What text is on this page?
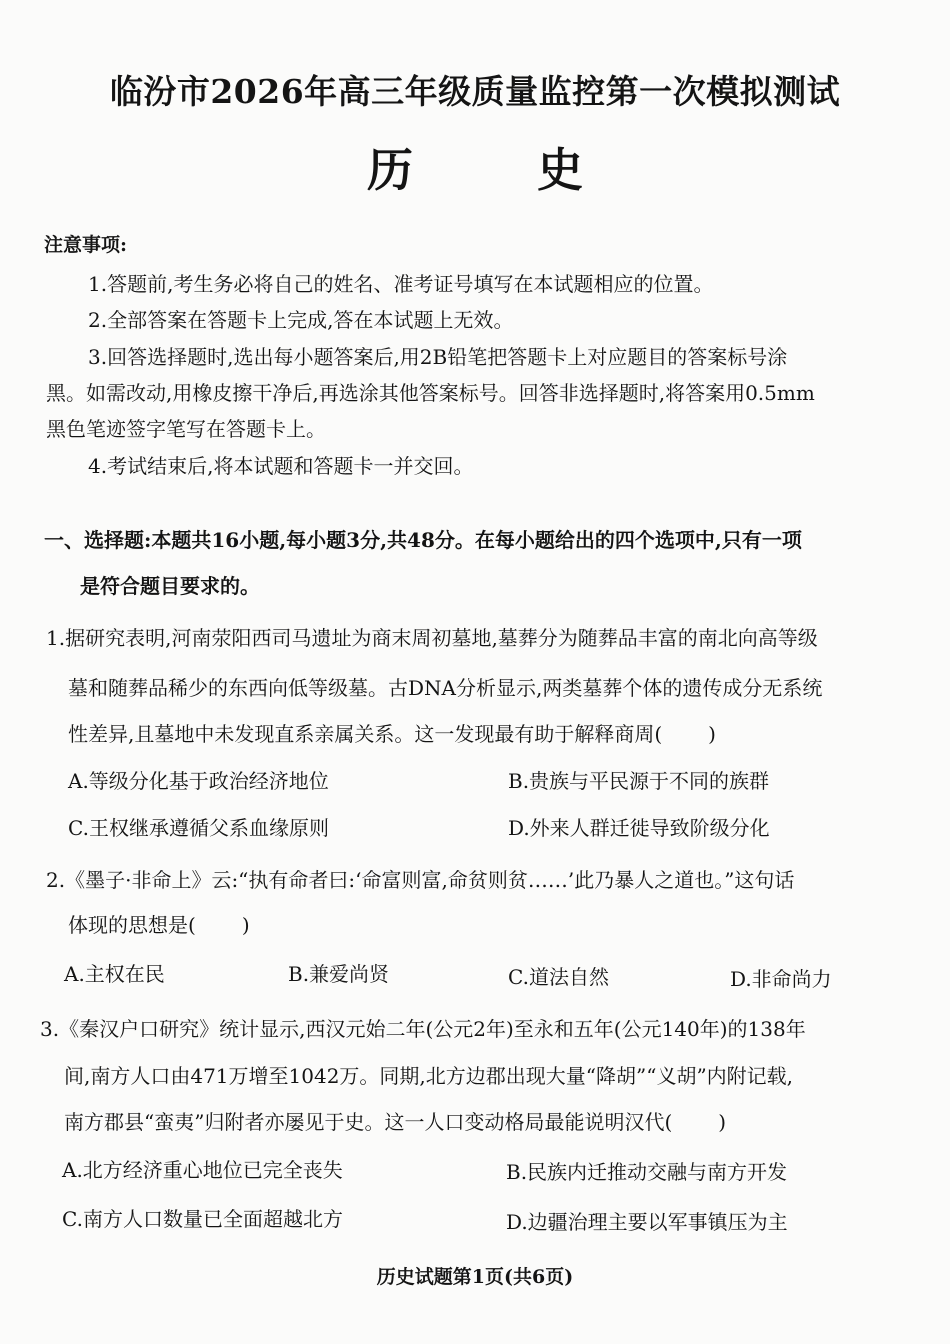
临汾市2026年高三年级质量监控第一次模拟测试
历	史
注意事项:
1.答题前,考生务必将自己的姓名、准考证号填写在本试题相应的位置。
2.全部答案在答题卡上完成,答在本试题上无效。
3.回答选择题时,选出每小题答案后,用2B铅笔把答题卡上对应题目的答案标号涂
黑。如需改动,用橡皮擦干净后,再选涂其他答案标号。回答非选择题时,将答案用0.5mm
黑色笔迹签字笔写在答题卡上。
4.考试结束后,将本试题和答题卡一并交回。
一、选择题:本题共16小题,每小题3分,共48分。在每小题给出的四个选项中,只有一项
是符合题目要求的。
1.据研究表明,河南荥阳西司马遗址为商末周初墓地,墓葬分为随葬品丰富的南北向高等级
墓和随葬品稀少的东西向低等级墓。古DNA分析显示,两类墓葬个体的遗传成分无系统
性差异,且墓地中未发现直系亲属关系。这一发现最有助于解释商周( )
A.等级分化基于政治经济地位	B.贵族与平民源于不同的族群
C.王权继承遵循父系血缘原则	D.外来人群迁徙导致阶级分化
2.《墨子·非命上》云:“执有命者曰:‘命富则富,命贫则贫……’此乃暴人之道也。”这句话
体现的思想是( )
A.主权在民	B.兼爱尚贤	C.道法自然	D.非命尚力
3.《秦汉户口研究》统计显示,西汉元始二年(公元2年)至永和五年(公元140年)的138年
间,南方人口由471万增至1042万。同期,北方边郡出现大量“降胡”“义胡”内附记载,
南方郡县“蛮夷”归附者亦屡见于史。这一人口变动格局最能说明汉代( )
A.北方经济重心地位已完全丧失	B.民族内迁推动交融与南方开发
C.南方人口数量已全面超越北方	D.边疆治理主要以军事镇压为主
历史试题第1页(共6页)
